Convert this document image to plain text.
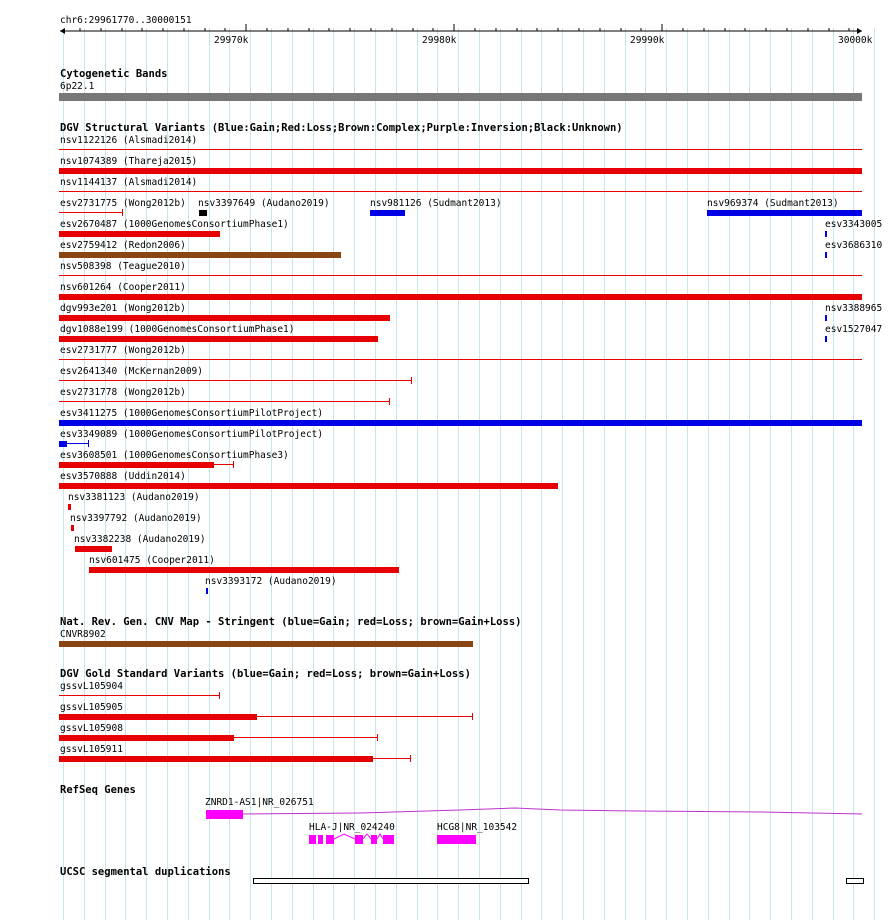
chr6:29961770..30000151
29970k	29980k	29990k	30000k
Cytogenetic Bands
6p22.1
DGV Structural Variants (Blue:Gain;Red:Loss;Brown:Complex;Purple:Inversion;Black:Unknown)
nsv1122126 (Alsmadi2014)
nsv1074389 (Thareja2015)
nsv1144137 (Alsmadi2014)
esv2731775 (Wong2012b) nsv3397649 (Audano2019)	nsv981126 (Sudmant2013)	nsv969374 (Sudmant2013)
esv2670487 (1000GenomesConsortiumPhase1)	esv3343005
esv2759412 (Redon2006)	esv3686310
nsv508398 (Teague2010)
nsv601264 (Cooper2011)
dgv993e201 (Wong2012b)	nsv3388965
dgv1088e199 (1000GenomesConsortiumPhase1)	esv1527047
esv2731777 (Wong2012b)
esv2641340 (McKernan2009)
esv2731778 (Wong2012b)
esv3411275 (1000GenomesConsortiumPilotProject)
esv3349089 (1000GenomesConsortiumPilotProject)
esv3608501 (1000GenomesConsortiumPhase3)
esv3570888 (Uddin2014)
nsv3381123 (Audano2019)
nsv3397792 (Audano2019)
nsv3382238 (Audano2019)
nsv601475 (Cooper2011)
nsv3393172 (Audano2019)
Nat. Rev. Gen. CNV Map - Stringent (blue=Gain; red=Loss; brown=Gain+Loss)
CNVR8902
DGV Gold Standard Variants (blue=Gain; red=Loss; brown=Gain+Loss)
gssvL105904
gssvL105905
gssvL105908
gssvL105911
RefSeq Genes
ZNRD1-AS1|NR_026751
HLA-J|NR_024240	HCG8|NR_103542
UCSC segmental duplications
